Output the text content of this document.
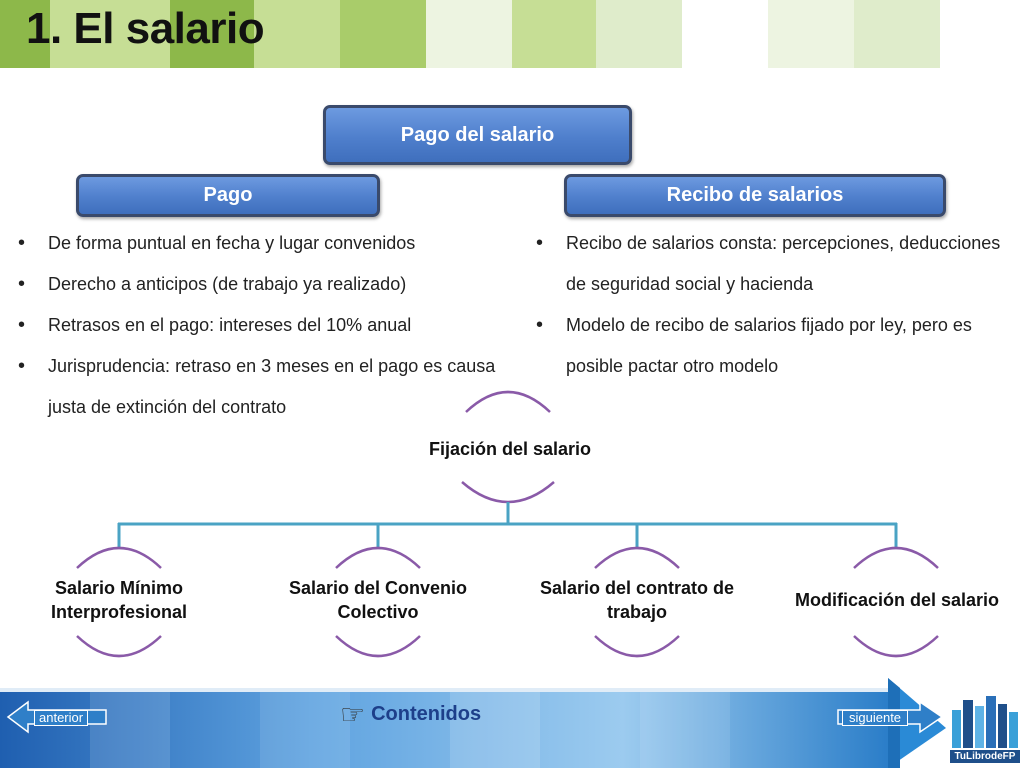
1. El salario
Pago del salario
Pago	Recibo de salarios
• De forma puntual en fecha y lugar convenidos
• Derecho a anticipos (de trabajo ya realizado)
• Retrasos en el pago: intereses del 10% anual
• Jurisprudencia: retraso en 3 meses en el pago es causa justa de extinción del contrato
• Recibo de salarios consta: percepciones, deducciones de seguridad social y hacienda
• Modelo de recibo de salarios fijado por ley, pero es posible pactar otro modelo
Fijación del salario
Salario Mínimo Interprofesional
Salario del Convenio Colectivo
Salario del contrato de trabajo
Modificación del salario
anterior	☞ Contenidos	siguiente
TuLibrodeFP
